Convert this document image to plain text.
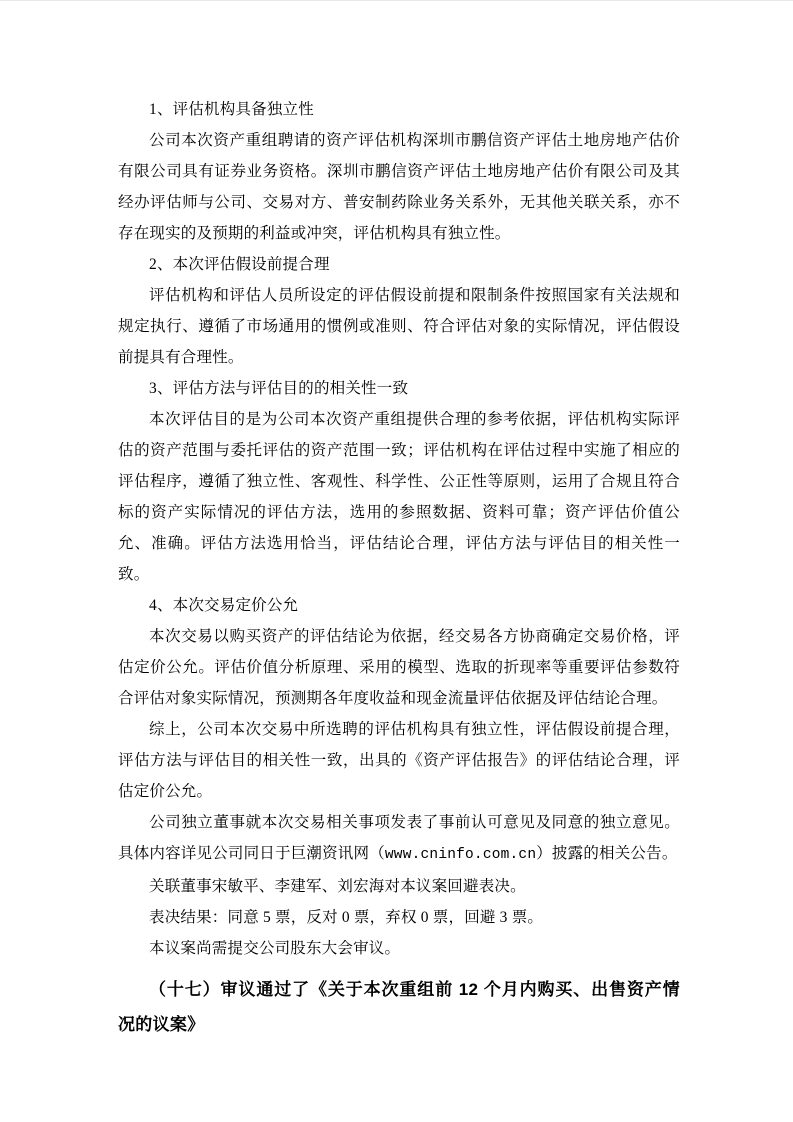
1、评估机构具备独立性
公司本次资产重组聘请的资产评估机构深圳市鹏信资产评估土地房地产估价有限公司具有证券业务资格。深圳市鹏信资产评估土地房地产估价有限公司及其经办评估师与公司、交易对方、普安制药除业务关系外，无其他关联关系，亦不存在现实的及预期的利益或冲突，评估机构具有独立性。
2、本次评估假设前提合理
评估机构和评估人员所设定的评估假设前提和限制条件按照国家有关法规和规定执行、遵循了市场通用的惯例或准则、符合评估对象的实际情况，评估假设前提具有合理性。
3、评估方法与评估目的的相关性一致
本次评估目的是为公司本次资产重组提供合理的参考依据，评估机构实际评估的资产范围与委托评估的资产范围一致；评估机构在评估过程中实施了相应的评估程序，遵循了独立性、客观性、科学性、公正性等原则，运用了合规且符合标的资产实际情况的评估方法，选用的参照数据、资料可靠；资产评估价值公允、准确。评估方法选用恰当，评估结论合理，评估方法与评估目的相关性一致。
4、本次交易定价公允
本次交易以购买资产的评估结论为依据，经交易各方协商确定交易价格，评估定价公允。评估价值分析原理、采用的模型、选取的折现率等重要评估参数符合评估对象实际情况，预测期各年度收益和现金流量评估依据及评估结论合理。
综上，公司本次交易中所选聘的评估机构具有独立性，评估假设前提合理，评估方法与评估目的相关性一致，出具的《资产评估报告》的评估结论合理，评估定价公允。
公司独立董事就本次交易相关事项发表了事前认可意见及同意的独立意见。具体内容详见公司同日于巨潮资讯网（www.cninfo.com.cn）披露的相关公告。
关联董事宋敏平、李建军、刘宏海对本议案回避表决。
表决结果：同意 5 票，反对 0 票，弃权 0 票，回避 3 票。
本议案尚需提交公司股东大会审议。
（十七）审议通过了《关于本次重组前 12 个月内购买、出售资产情况的议案》
